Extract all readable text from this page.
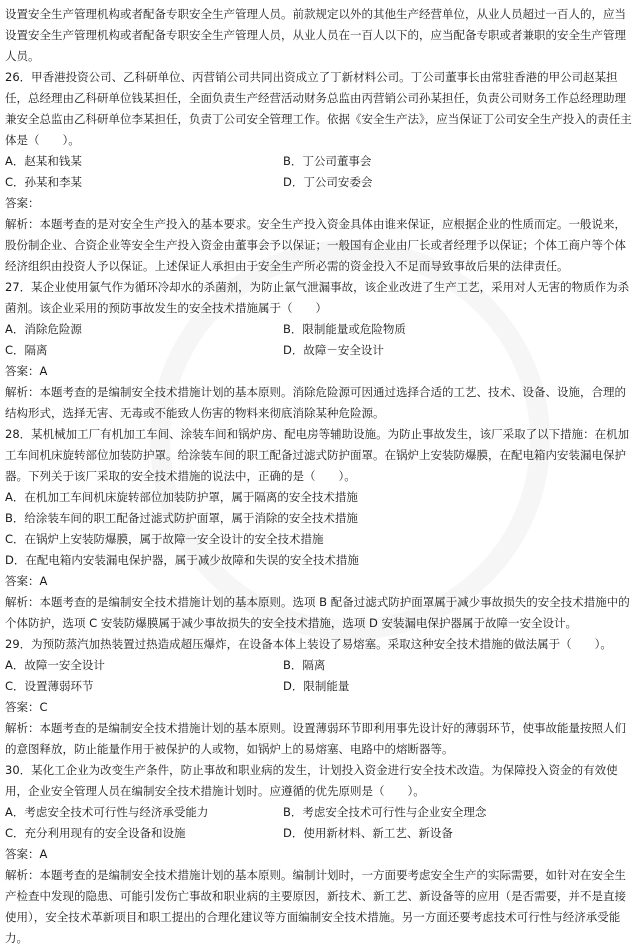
设置安全生产管理机构或者配备专职安全生产管理人员。前款规定以外的其他生产经营单位，从业人员超过一百人的，应当设置安全生产管理机构或者配备专职安全生产管理人员，从业人员在一百人以下的，应当配备专职或者兼职的安全生产管理人员。

26．甲香港投资公司、乙科研单位、丙营销公司共同出资成立了丁新材料公司。丁公司董事长由常驻香港的甲公司赵某担任，总经理由乙科研单位钱某担任，全面负责生产经营活动财务总监由丙营销公司孙某担任，负责公司财务工作总经理助理兼安全总监由乙科研单位李某担任，负责丁公司安全管理工作。依据《安全生产法》，应当保证丁公司安全生产投入的责任主体是（　　）。

A．赵某和钱某	B．丁公司董事会
C．孙某和李某	D．丁公司安委会

答案：

解析：本题考查的是对安全生产投入的基本要求。安全生产投入资金具体由谁来保证，应根据企业的性质而定。一般说来，股份制企业、合资企业等安全生产投入资金由董事会予以保证；一般国有企业由厂长或者经理予以保证；个体工商户等个体经济组织由投资人予以保证。上述保证人承担由于安全生产所必需的资金投入不足而导致事故后果的法律责任。

27．某企业使用氯气作为循环冷却水的杀菌剂，为防止氯气泄漏事故，该企业改进了生产工艺，采用对人无害的物质作为杀菌剂。该企业采用的预防事故发生的安全技术措施属于（　　）

A．消除危险源	B．限制能量或危险物质
C．隔离	D．故障－安全设计

答案：A

解析：本题考查的是编制安全技术措施计划的基本原则。消除危险源可因通过选择合适的工艺、技术、设备、设施，合理的结构形式，选择无害、无毒或不能致人伤害的物料来彻底消除某种危险源。

28．某机械加工厂有机加工车间、涂装车间和锅炉房、配电房等辅助设施。为防止事故发生，该厂采取了以下措施：在机加工车间机床旋转部位加装防护罩。给涂装车间的职工配备过滤式防护面罩。在锅炉上安装防爆膜，在配电箱内安装漏电保护器。下列关于该厂采取的安全技术措施的说法中，正确的是（　　）。

A．在机加工车间机床旋转部位加装防护罩，属于隔离的安全技术措施
B．给涂装车间的职工配备过滤式防护面罩，属于消除的安全技术措施
C．在锅炉上安装防爆膜，属于故障一安全设计的安全技术措施
D．在配电箱内安装漏电保护器，属于减少故障和失误的安全技术措施

答案：A

解析：本题考查的是编制安全技术措施计划的基本原则。选项 B 配备过滤式防护面罩属于减少事故损失的安全技术措施中的个体防护，选项 C 安装防爆膜属于减少事故损失的安全技术措施，选项 D 安装漏电保护器属于故障一安全设计。

29．为预防蒸汽加热装置过热造成超压爆炸，在设备本体上装设了易熔塞。采取这种安全技术措施的做法属于（　　）。

A．故障一安全设计	B．隔离
C．设置薄弱环节	D．限制能量

答案：C

解析：本题考查的是编制安全技术措施计划的基本原则。设置薄弱环节即利用事先设计好的薄弱环节，使事故能量按照人们的意图释放，防止能量作用于被保护的人或物，如锅炉上的易熔塞、电路中的熔断器等。

30．某化工企业为改变生产条件，防止事故和职业病的发生，计划投入资金进行安全技术改造。为保障投入资金的有效使用，企业安全管理人员在编制安全技术措施计划时。应遵循的优先原则是（　　）。

A．考虑安全技术可行性与经济承受能力	B．考虑安全技术可行性与企业安全理念
C．充分利用现有的安全设备和设施	D．使用新材料、新工艺、新设备

答案：A

解析：本题考查的是编制安全技术措施计划的基本原则。编制计划时，一方面要考虑安全生产的实际需要，如针对在安全生产检查中发现的隐患、可能引发伤亡事故和职业病的主要原因，新技术、新工艺、新设备等的应用（是否需要，并不是直接使用），安全技术革新项目和职工提出的合理化建议等方面编制安全技术措施。另一方面还要考虑技术可行性与经济承受能力。
